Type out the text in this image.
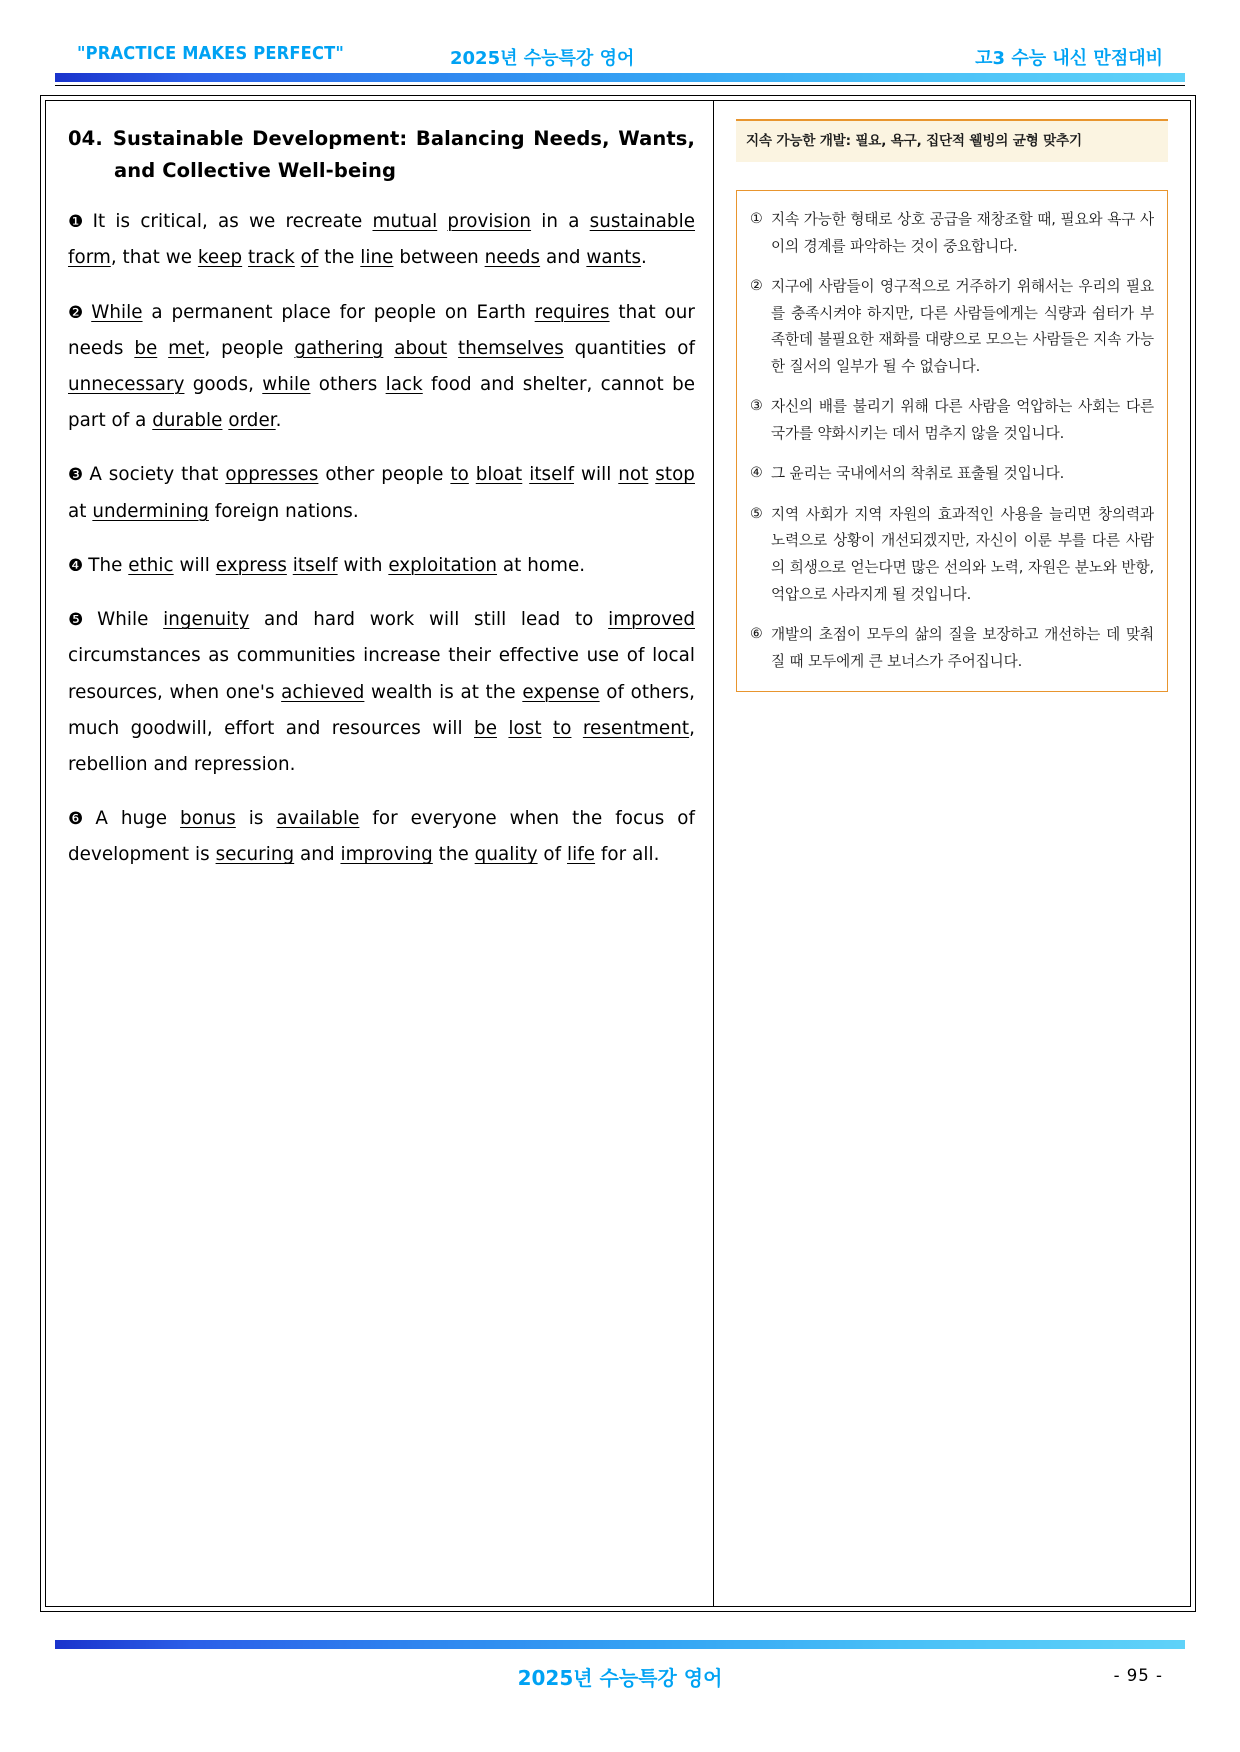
"PRACTICE MAKES PERFECT"	2025년 수능특강 영어	고3 수능 내신 만점대비
04. Sustainable Development: Balancing Needs, Wants, and Collective Well-being

❶ It is critical, as we recreate mutual provision in a sustainable form, that we keep track of the line between needs and wants.

❷ While a permanent place for people on Earth requires that our needs be met, people gathering about themselves quantities of unnecessary goods, while others lack food and shelter, cannot be part of a durable order.

❸ A society that oppresses other people to bloat itself will not stop at undermining foreign nations.

❹ The ethic will express itself with exploitation at home.

❺ While ingenuity and hard work will still lead to improved circumstances as communities increase their effective use of local resources, when one's achieved wealth is at the expense of others, much goodwill, effort and resources will be lost to resentment, rebellion and repression.

❻ A huge bonus is available for everyone when the focus of development is securing and improving the quality of life for all.

지속 가능한 개발: 필요, 욕구, 집단적 웰빙의 균형 맞추기
① 지속 가능한 형태로 상호 공급을 재창조할 때, 필요와 욕구 사이의 경계를 파악하는 것이 중요합니다.
② 지구에 사람들이 영구적으로 거주하기 위해서는 우리의 필요를 충족시켜야 하지만, 다른 사람들에게는 식량과 쉼터가 부족한데 불필요한 재화를 대량으로 모으는 사람들은 지속 가능한 질서의 일부가 될 수 없습니다.
③ 자신의 배를 불리기 위해 다른 사람을 억압하는 사회는 다른 국가를 약화시키는 데서 멈추지 않을 것입니다.
④ 그 윤리는 국내에서의 착취로 표출될 것입니다.
⑤ 지역 사회가 지역 자원의 효과적인 사용을 늘리면 창의력과 노력으로 상황이 개선되겠지만, 자신이 이룬 부를 다른 사람의 희생으로 얻는다면 많은 선의와 노력, 자원은 분노와 반항, 억압으로 사라지게 될 것입니다.
⑥ 개발의 초점이 모두의 삶의 질을 보장하고 개선하는 데 맞춰질 때 모두에게 큰 보너스가 주어집니다.
2025년 수능특강 영어	- 95 -
